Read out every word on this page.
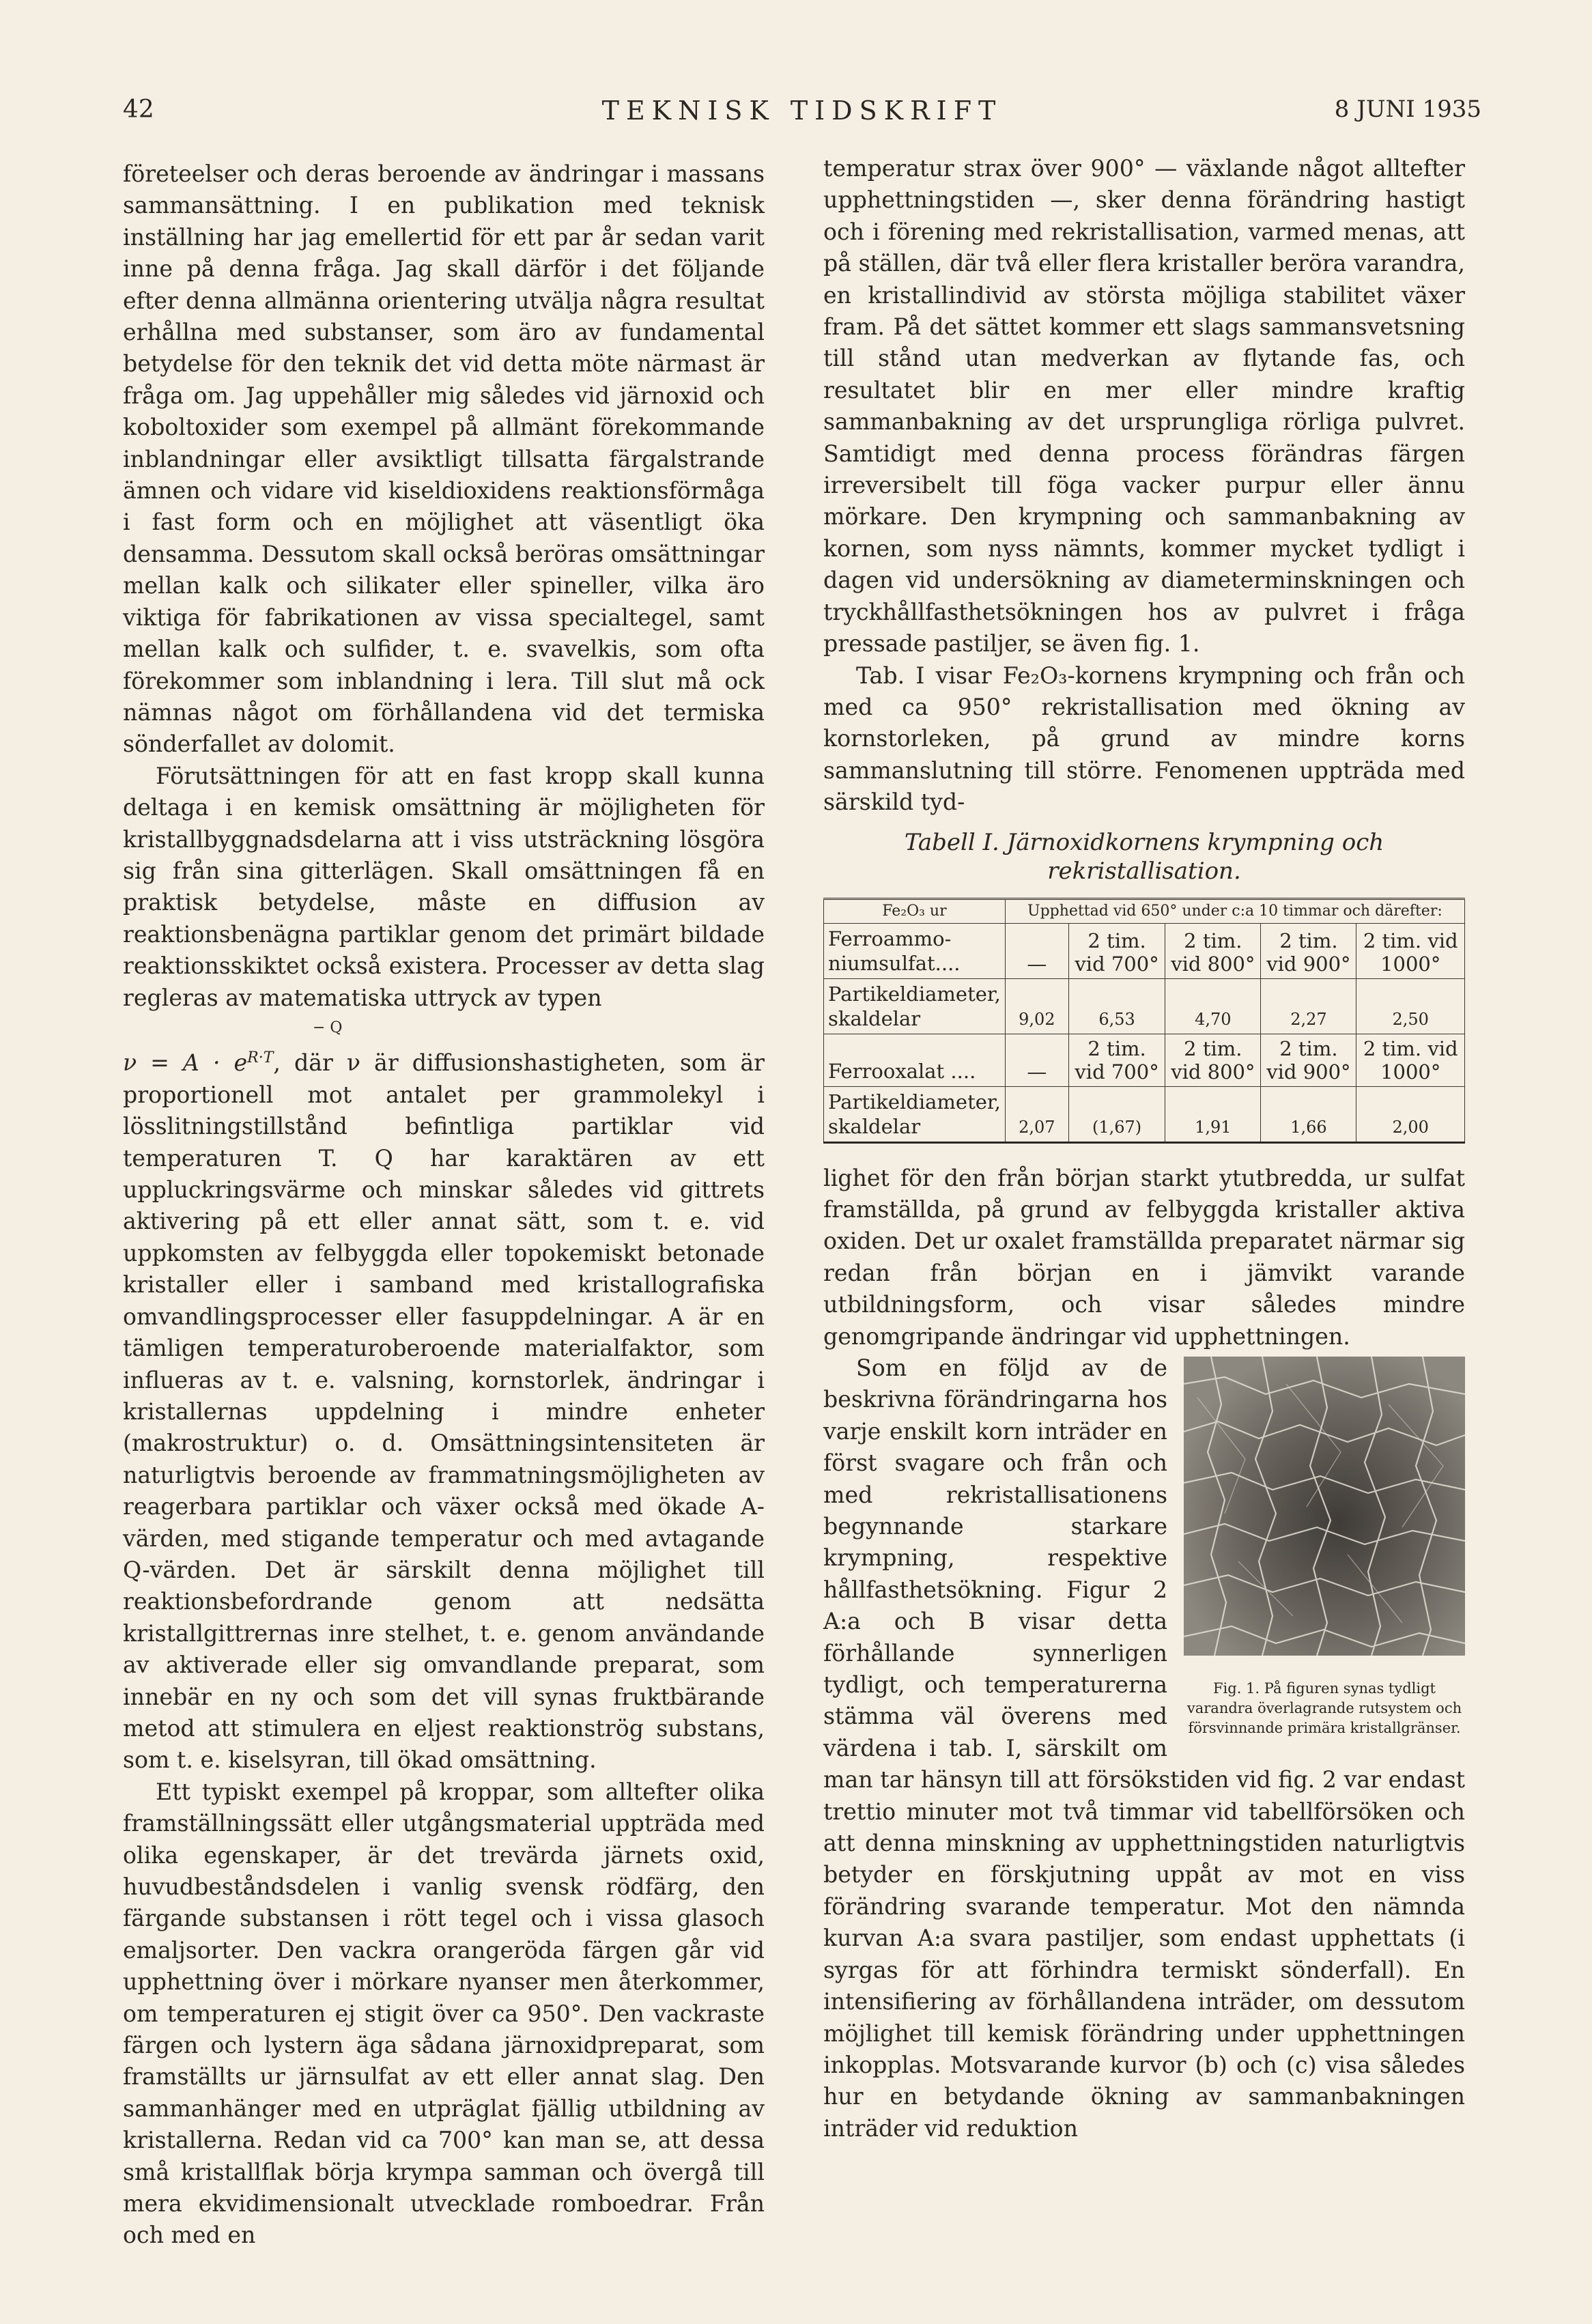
42	TEKNISK TIDSKRIFT	8 JUNI 1935

företeelser och deras beroende av ändringar i massans sammansättning. I en publikation med teknisk inställning har jag emellertid för ett par år sedan varit inne på denna fråga. Jag skall därför i det följande efter denna allmänna orientering utvälja några resultat erhållna med substanser, som äro av fundamental betydelse för den teknik det vid detta möte närmast är fråga om. Jag uppehåller mig således vid järnoxid och koboltoxider som exempel på allmänt förekommande inblandningar eller avsiktligt tillsatta färgalstrande ämnen och vidare vid kiseldioxidens reaktionsförmåga i fast form och en möjlighet att väsentligt öka densamma. Dessutom skall också beröras omsättningar mellan kalk och silikater eller spineller, vilka äro viktiga för fabrikationen av vissa specialtegel, samt mellan kalk och sulfider, t. e. svavelkis, som ofta förekommer som inblandning i lera. Till slut må ock nämnas något om förhållandena vid det termiska sönderfallet av dolomit.

Förutsättningen för att en fast kropp skall kunna deltaga i en kemisk omsättning är möjligheten för kristallbyggnadsdelarna att i viss utsträckning lösgöra sig från sina gitterlägen. Skall omsättningen få en praktisk betydelse, måste en diffusion av reaktionsbenägna partiklar genom det primärt bildade reaktionsskiktet också existera. Processer av detta slag regleras av matematiska uttryck av typen

− Q

$\nu = A \cdot e^{R\cdot T}$, där ν är diffusionshastigheten, som är proportionell mot antalet per grammolekyl i lösslitningstillstånd befintliga partiklar vid temperaturen T. Q har karaktären av ett uppluckringsvärme och minskar således vid gittrets aktivering på ett eller annat sätt, som t. e. vid uppkomsten av felbyggda eller topokemiskt betonade kristaller eller i samband med kristallografiska omvandlingsprocesser eller fasuppdelningar. A är en tämligen temperaturoberoende materialfaktor, som influeras av t. e. valsning, kornstorlek, ändringar i kristallernas uppdelning i mindre enheter (makrostruktur) o. d. Omsättningsintensiteten är naturligtvis beroende av frammatningsmöjligheten av reagerbara partiklar och växer också med ökade A-värden, med stigande temperatur och med avtagande Q-värden. Det är särskilt denna möjlighet till reaktionsbefordrande genom att nedsätta kristallgittrernas inre stelhet, t. e. genom användande av aktiverade eller sig omvandlande preparat, som innebär en ny och som det vill synas fruktbärande metod att stimulera en eljest reaktionströg substans, som t. e. kiselsyran, till ökad omsättning.

Ett typiskt exempel på kroppar, som alltefter olika framställningssätt eller utgångsmaterial uppträda med olika egenskaper, är det trevärda järnets oxid, huvudbeståndsdelen i vanlig svensk rödfärg, den färgande substansen i rött tegel och i vissa glasoch emaljsorter. Den vackra orangeröda färgen går vid upphettning över i mörkare nyanser men återkommer, om temperaturen ej stigit över ca 950°. Den vackraste färgen och lystern äga sådana järnoxidpreparat, som framställts ur järnsulfat av ett eller annat slag. Den sammanhänger med en utpräglat fjällig utbildning av kristallerna. Redan vid ca 700° kan man se, att dessa små kristallflak börja krympa samman och övergå till mera ekvidimensionalt utvecklade romboedrar. Från och med en

temperatur strax över 900° — växlande något alltefter upphettningstiden —, sker denna förändring hastigt och i förening med rekristallisation, varmed menas, att på ställen, där två eller flera kristaller beröra varandra, en kristallindivid av största möjliga stabilitet växer fram. På det sättet kommer ett slags sammansvetsning till stånd utan medverkan av flytande fas, och resultatet blir en mer eller mindre kraftig sammanbakning av det ursprungliga rörliga pulvret. Samtidigt med denna process förändras färgen irreversibelt till föga vacker purpur eller ännu mörkare. Den krympning och sammanbakning av kornen, som nyss nämnts, kommer mycket tydligt i dagen vid undersökning av diameterminskningen och tryckhållfasthetsökningen hos av pulvret i fråga pressade pastiljer, se även fig. 1.

Tab. I visar Fe₂O₃-kornens krympning och från och med ca 950° rekristallisation med ökning av kornstorleken, på grund av mindre korns sammanslutning till större. Fenomenen uppträda med särskild tyd-

Tabell I. Järnoxidkornens krympning och rekristallisation.
Fe₂O₃ ur	Upphettad vid 650° under c:a 10 timmar och därefter:				
Ferroammo-niumsulfat....	—	2 tim. vid 700°	2 tim. vid 800°	2 tim. vid 900°	2 tim. vid 1000°
Partikeldiameter, skaldelar	9,02	6,53	4,70	2,27	2,50
Ferrooxalat ....	—	2 tim. vid 700°	2 tim. vid 800°	2 tim. vid 900°	2 tim. vid 1000°
Partikeldiameter, skaldelar	2,07	(1,67)	1,91	1,66	2,00

lighet för den från början starkt ytutbredda, ur sulfat framställda, på grund av felbyggda kristaller aktiva oxiden. Det ur oxalet framställda preparatet närmar sig redan från början en i jämvikt varande utbildningsform, och visar således mindre genomgripande ändringar vid upphettningen.

Fig. 1. På figuren synas tydligt varandra överlagrande rutsystem och försvinnande primära kristallgränser.

Som en följd av de beskrivna förändringarna hos varje enskilt korn inträder en först svagare och från och med rekristallisationens begynnande starkare krympning, respektive hållfasthetsökning. Figur 2 A:a och B visar detta förhållande synnerligen tydligt, och temperaturerna stämma väl överens med värdena i tab. I, särskilt om man tar hänsyn till att försökstiden vid fig. 2 var endast trettio minuter mot två timmar vid tabellförsöken och att denna minskning av upphettningstiden naturligtvis betyder en förskjutning uppåt av mot en viss förändring svarande temperatur. Mot den nämnda kurvan A:a svara pastiljer, som endast upphettats (i syrgas för att förhindra termiskt sönderfall). En intensifiering av förhållandena inträder, om dessutom möjlighet till kemisk förändring under upphettningen inkopplas. Motsvarande kurvor (b) och (c) visa således hur en betydande ökning av sammanbakningen inträder vid reduktion
